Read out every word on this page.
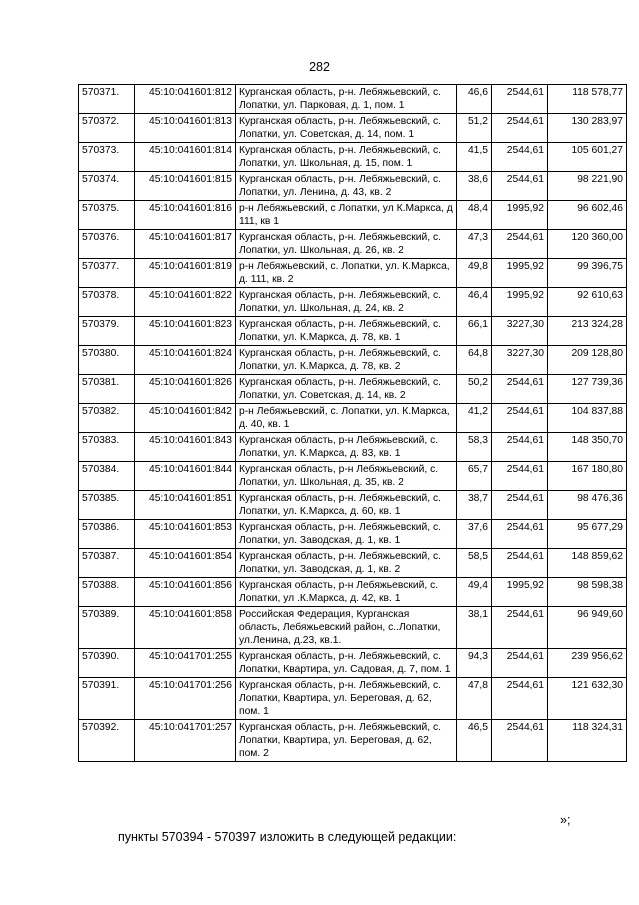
282
570371.	45:10:041601:812	Курганская область, р-н. Лебяжьевский, с. Лопатки, ул. Парковая, д. 1, пом. 1	46,6	2544,61	118 578,77
570372.	45:10:041601:813	Курганская область, р-н. Лебяжьевский, с. Лопатки, ул. Советская, д. 14, пом. 1	51,2	2544,61	130 283,97
570373.	45:10:041601:814	Курганская область, р-н. Лебяжьевский, с. Лопатки, ул. Школьная, д. 15, пом. 1	41,5	2544,61	105 601,27
570374.	45:10:041601:815	Курганская область, р-н. Лебяжьевский, с. Лопатки, ул. Ленина, д. 43, кв. 2	38,6	2544,61	98 221,90
570375.	45:10:041601:816	р-н Лебяжьевский, с Лопатки, ул К.Маркса, д 111, кв 1	48,4	1995,92	96 602,46
570376.	45:10:041601:817	Курганская область, р-н. Лебяжьевский, с. Лопатки, ул. Школьная, д. 26, кв. 2	47,3	2544,61	120 360,00
570377.	45:10:041601:819	р-н Лебяжьевский, с. Лопатки, ул. К.Маркса, д. 111, кв. 2	49,8	1995,92	99 396,75
570378.	45:10:041601:822	Курганская область, р-н. Лебяжьевский, с. Лопатки, ул. Школьная, д. 24, кв. 2	46,4	1995,92	92 610,63
570379.	45:10:041601:823	Курганская область, р-н. Лебяжьевский, с. Лопатки, ул. К.Маркса, д. 78, кв. 1	66,1	3227,30	213 324,28
570380.	45:10:041601:824	Курганская область, р-н. Лебяжьевский, с. Лопатки, ул. К.Маркса, д. 78, кв. 2	64,8	3227,30	209 128,80
570381.	45:10:041601:826	Курганская область, р-н. Лебяжьевский, с. Лопатки, ул. Советская, д. 14, кв. 2	50,2	2544,61	127 739,36
570382.	45:10:041601:842	р-н Лебяжьевский, с. Лопатки, ул. К.Маркса, д. 40, кв. 1	41,2	2544,61	104 837,88
570383.	45:10:041601:843	Курганская область, р-н Лебяжьевский, с. Лопатки, ул. К.Маркса, д. 83, кв. 1	58,3	2544,61	148 350,70
570384.	45:10:041601:844	Курганская область, р-н Лебяжьевский, с. Лопатки, ул. Школьная, д. 35, кв. 2	65,7	2544,61	167 180,80
570385.	45:10:041601:851	Курганская область, р-н. Лебяжьевский, с. Лопатки, ул. К.Маркса, д. 60, кв. 1	38,7	2544,61	98 476,36
570386.	45:10:041601:853	Курганская область, р-н. Лебяжьевский, с. Лопатки, ул. Заводская, д. 1, кв. 1	37,6	2544,61	95 677,29
570387.	45:10:041601:854	Курганская область, р-н. Лебяжьевский, с. Лопатки, ул. Заводская, д. 1, кв. 2	58,5	2544,61	148 859,62
570388.	45:10:041601:856	Курганская область, р-н Лебяжьевский, с. Лопатки, ул .К.Маркса, д. 42, кв. 1	49,4	1995,92	98 598,38
570389.	45:10:041601:858	Российская Федерация, Курганская область, Лебяжьевский район, с..Лопатки, ул.Ленина, д.23, кв.1.	38,1	2544,61	96 949,60
570390.	45:10:041701:255	Курганская область, р-н. Лебяжьевский, с. Лопатки, Квартира, ул. Садовая, д. 7, пом. 1	94,3	2544,61	239 956,62
570391.	45:10:041701:256	Курганская область, р-н. Лебяжьевский, с. Лопатки, Квартира, ул. Береговая, д. 62, пом. 1	47,8	2544,61	121 632,30
570392.	45:10:041701:257	Курганская область, р-н. Лебяжьевский, с. Лопатки, Квартира, ул. Береговая, д. 62, пом. 2	46,5	2544,61	118 324,31
»;
пункты 570394 - 570397 изложить в следующей редакции:
